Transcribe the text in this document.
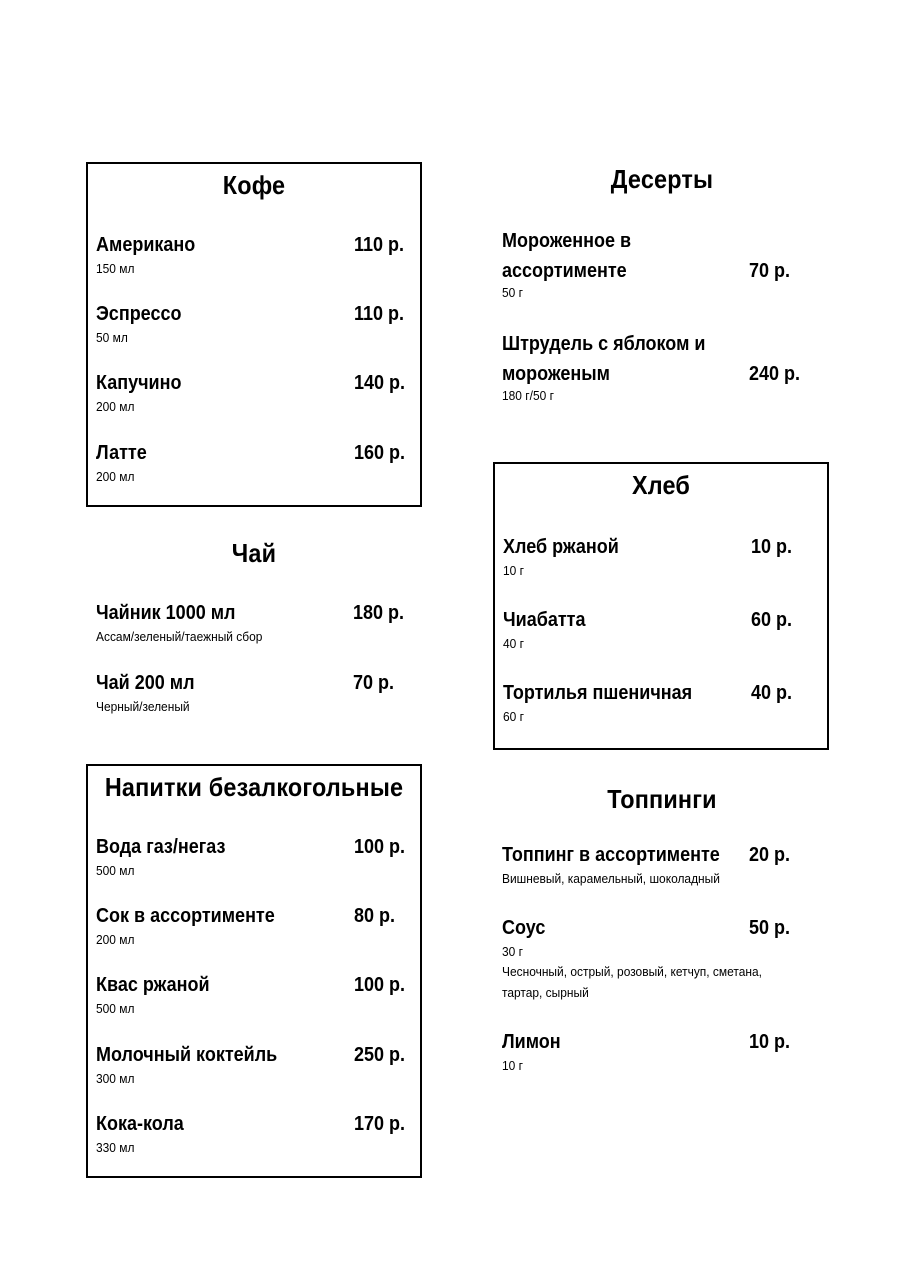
Кофе
Американо	110 р.
150 мл
Эспрессо	110 р.
50 мл
Капучино	140 р.
200 мл
Латте	160 р.
200 мл
Чай
Чайник 1000 мл	180 р.
Ассам/зеленый/таежный сбор
Чай 200 мл	70 р.
Черный/зеленый
Напитки безалкогольные
Вода газ/негаз	100 р.
500 мл
Сок в ассортименте	80 р.
200 мл
Квас ржаной	100 р.
500 мл
Молочный коктейль	250 р.
300 мл
Кока-кола	170 р.
330 мл
Десерты
Мороженное в
ассортименте	70 р.
50 г
Штрудель с яблоком и
мороженым	240 р.
180 г/50 г
Хлеб
Хлеб ржаной	10 р.
10 г
Чиабатта	60 р.
40 г
Тортилья пшеничная	40 р.
60 г
Топпинги
Топпинг в ассортименте 20 р.
Вишневый, карамельный, шоколадный
Соус	50 р.
30 г
Чесночный, острый, розовый, кетчуп, сметана,
тартар, сырный
Лимон	10 р.
10 г
